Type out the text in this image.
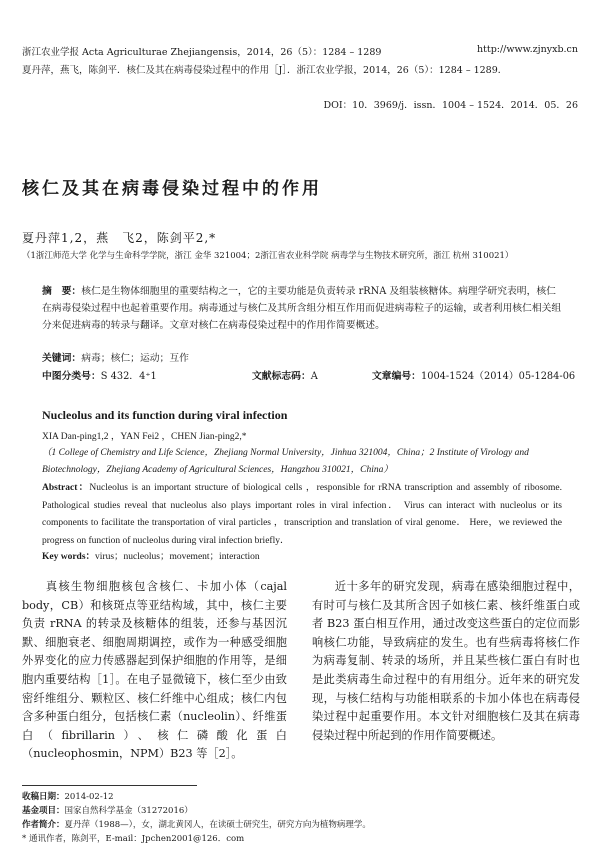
浙江农业学报 Acta Agriculturae Zhejiangensis，2014，26（5）：1284 – 1289	http://www.zjnyxb.cn
夏丹萍，燕飞，陈剑平．核仁及其在病毒侵染过程中的作用［J］．浙江农业学报，2014，26（5）：1284 – 1289．
DOI：10．3969/j．issn．1004 – 1524．2014．05．26
核仁及其在病毒侵染过程中的作用
夏丹萍1,2，燕　飞2，陈剑平2,*
（1浙江师范大学 化学与生命科学学院，浙江 金华 321004；2浙江省农业科学院 病毒学与生物技术研究所，浙江 杭州 310021）
摘　要：核仁是生物体细胞里的重要结构之一，它的主要功能是负责转录 rRNA 及组装核糖体。病理学研究表明，核仁在病毒侵染过程中也起着重要作用。病毒通过与核仁及其所含组分相互作用而促进病毒粒子的运输，或者利用核仁相关组分来促进病毒的转录与翻译。文章对核仁在病毒侵染过程中的作用作简要概述。
关键词：病毒；核仁；运动；互作
中图分类号：S 432．4⁺1	文献标志码：A	文章编号：1004-1524（2014）05-1284-06
Nucleolus and its function during viral infection
XIA Dan-ping1,2 ，YAN Fei2 ，CHEN Jian-ping2,*
（1 College of Chemistry and Life Science，Zhejiang Normal University，Jinhua 321004，China；2 Institute of Virology and Biotechnology，Zhejiang Academy of Agricultural Sciences，Hangzhou 310021，China）
Abstract：Nucleolus is an important structure of biological cells ，responsible for rRNA transcription and assembly of ribosome. Pathological studies reveal that nucleolus also plays important roles in viral infection． Virus can interact with nucleolus or its components to facilitate the transportation of viral particles ，transcription and translation of viral genome． Here，we reviewed the progress on function of nucleolus during viral infection briefly．
Key words：virus；nucleolus；movement；interaction
真核生物细胞核包含核仁、卡加小体（cajal body，CB）和核斑点等亚结构域，其中，核仁主要负责 rRNA 的转录及核糖体的组装，还参与基因沉默、细胞衰老、细胞周期调控，或作为一种感受细胞外界变化的应力传感器起到保护细胞的作用等，是细胞内重要结构［1］。在电子显微镜下，核仁至少由致密纤维组分、颗粒区、核仁纤维中心组成；核仁内包含多种蛋白组分，包括核仁素（nucleolin）、纤维蛋白（fibrillarin）、核仁磷酸化蛋白（nucleophosmin，NPM）B23 等［2］。
近十多年的研究发现，病毒在感染细胞过程中，有时可与核仁及其所含因子如核仁素、核纤维蛋白或者 B23 蛋白相互作用，通过改变这些蛋白的定位而影响核仁功能，导致病症的发生。也有些病毒将核仁作为病毒复制、转录的场所，并且某些核仁蛋白有时也是此类病毒生命过程中的有用组分。近年来的研究发现，与核仁结构与功能相联系的卡加小体也在病毒侵染过程中起重要作用。本文针对细胞核仁及其在病毒侵染过程中所起到的作用作简要概述。
收稿日期：2014-02-12
基金项目：国家自然科学基金（31272016）
作者简介：夏丹萍（1988—），女，湖北黄冈人，在读硕士研究生，研究方向为植物病理学。
* 通讯作者，陈剑平，E-mail：Jpchen2001@126．com
